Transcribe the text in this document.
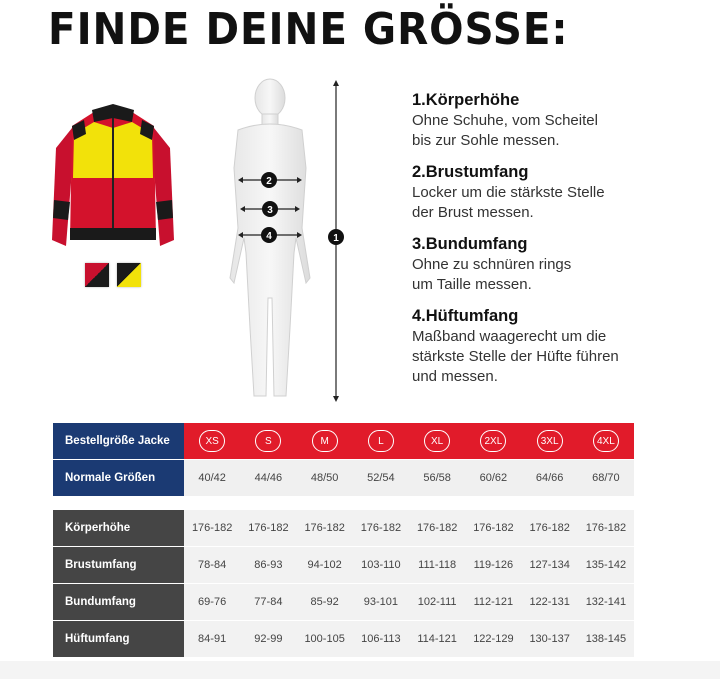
FINDE DEINE GRÖSSE:
2
3
4	1
1.Körperhöhe
Ohne Schuhe, vom Scheitel bis zur Sohle messen.
2.Brustumfang
Locker um die stärkste Stelle der Brust messen.
3.Bundumfang
Ohne zu schnüren rings um Taille messen.
4.Hüftumfang
Maßband waagerecht um die stärkste Stelle der Hüfte führen und messen.
Bestellgröße Jacke	XS	S	M	L	XL	2XL	3XL	4XL
Normale Größen	40/42	44/46	48/50	52/54	56/58	60/62	64/66	68/70
Körperhöhe	176-182	176-182	176-182	176-182	176-182	176-182	176-182	176-182
Brustumfang	78-84	86-93	94-102	103-110	111-118	119-126	127-134	135-142
Bundumfang	69-76	77-84	85-92	93-101	102-111	112-121	122-131	132-141
Hüftumfang	84-91	92-99	100-105	106-113	114-121	122-129	130-137	138-145
